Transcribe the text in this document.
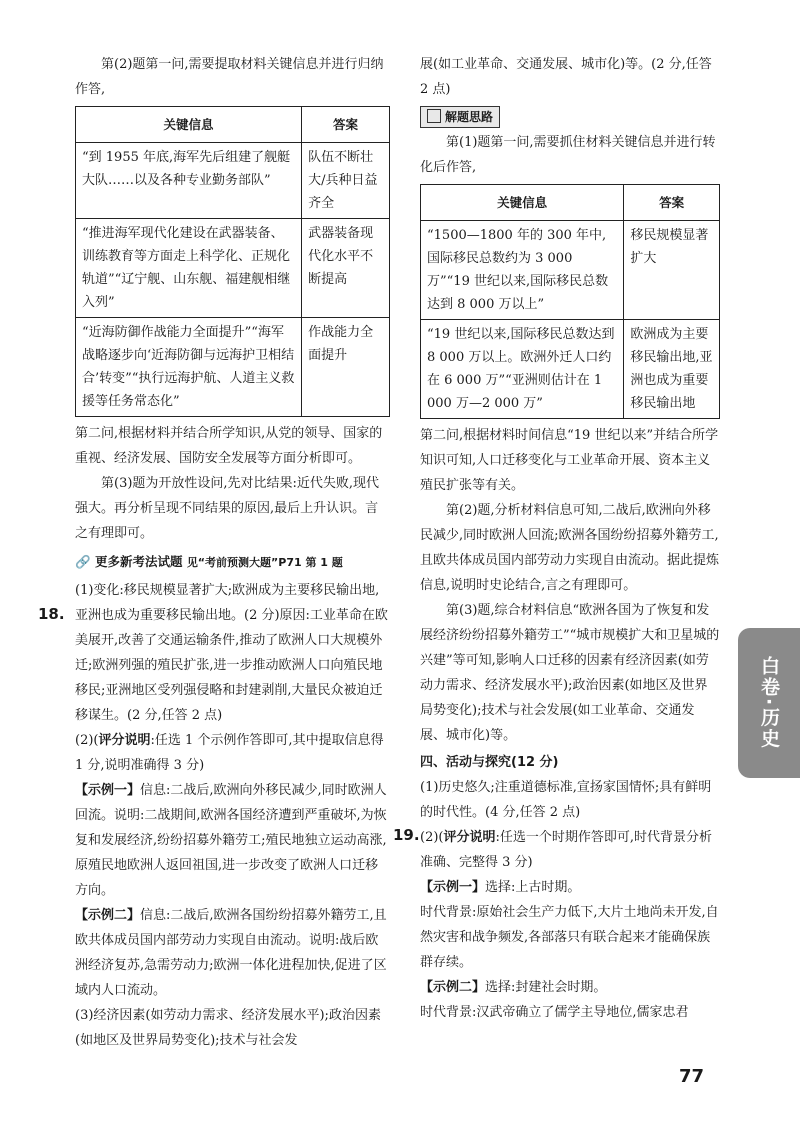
第(2)题第一问,需要提取材料关键信息并进行归纳作答,

关键信息	答案
“到 1955 年底,海军先后组建了舰艇大队……以及各种专业勤务部队”	队伍不断壮大/兵种日益齐全
“推进海军现代化建设在武器装备、训练教育等方面走上科学化、正规化轨道”“辽宁舰、山东舰、福建舰相继入列”	武器装备现代化水平不断提高
“近海防御作战能力全面提升”“海军战略逐步向‘近海防御与远海护卫相结合’转变”“执行远海护航、人道主义救援等任务常态化”	作战能力全面提升

第二问,根据材料并结合所学知识,从党的领导、国家的重视、经济发展、国防安全发展等方面分析即可。

第(3)题为开放性设问,先对比结果:近代失败,现代强大。再分析呈现不同结果的原因,最后上升认识。言之有理即可。

🔗 更多新考法试题 见“考前预测大题”P71 第 1 题

(1)变化:移民规模显著扩大;欧洲成为主要移民输出地,亚洲也成为重要移民输出地。(2 分)原因:工业革命在欧美展开,改善了交通运输条件,推动了欧洲人口大规模外迁;欧洲列强的殖民扩张,进一步推动欧洲人口向殖民地移民;亚洲地区受列强侵略和封建剥削,大量民众被迫迁移谋生。(2 分,任答 2 点)

(2)(评分说明:任选 1 个示例作答即可,其中提取信息得 1 分,说明准确得 3 分)

【示例一】信息:二战后,欧洲向外移民减少,同时欧洲人回流。说明:二战期间,欧洲各国经济遭到严重破坏,为恢复和发展经济,纷纷招募外籍劳工;殖民地独立运动高涨,原殖民地欧洲人返回祖国,进一步改变了欧洲人口迁移方向。

【示例二】信息:二战后,欧洲各国纷纷招募外籍劳工,且欧共体成员国内部劳动力实现自由流动。说明:战后欧洲经济复苏,急需劳动力;欧洲一体化进程加快,促进了区域内人口流动。

(3)经济因素(如劳动力需求、经济发展水平);政治因素(如地区及世界局势变化);技术与社会发

18.

展(如工业革命、交通发展、城市化)等。(2 分,任答 2 点)

解题思路

第(1)题第一问,需要抓住材料关键信息并进行转化后作答,

关键信息	答案
“1500—1800 年的 300 年中,国际移民总数约为 3 000 万”“19 世纪以来,国际移民总数达到 8 000 万以上”	移民规模显著扩大
“19 世纪以来,国际移民总数达到 8 000 万以上。欧洲外迁人口约在 6 000 万”“亚洲则估计在 1 000 万—2 000 万”	欧洲成为主要移民输出地,亚洲也成为重要移民输出地

第二问,根据材料时间信息“19 世纪以来”并结合所学知识可知,人口迁移变化与工业革命开展、资本主义殖民扩张等有关。

第(2)题,分析材料信息可知,二战后,欧洲向外移民减少,同时欧洲人回流;欧洲各国纷纷招募外籍劳工,且欧共体成员国内部劳动力实现自由流动。据此提炼信息,说明时史论结合,言之有理即可。

第(3)题,综合材料信息“欧洲各国为了恢复和发展经济纷纷招募外籍劳工”“城市规模扩大和卫星城的兴建”等可知,影响人口迁移的因素有经济因素(如劳动力需求、经济发展水平);政治因素(如地区及世界局势变化);技术与社会发展(如工业革命、交通发展、城市化)等。

四、活动与探究(12 分)

(1)历史悠久;注重道德标准,宣扬家国情怀;具有鲜明的时代性。(4 分,任答 2 点)

(2)(评分说明:任选一个时期作答即可,时代背景分析准确、完整得 3 分)

【示例一】选择:上古时期。

时代背景:原始社会生产力低下,大片土地尚未开发,自然灾害和战争频发,各部落只有联合起来才能确保族群存续。

【示例二】选择:封建社会时期。

时代背景:汉武帝确立了儒学主导地位,儒家忠君

19.
白卷·历史
77
